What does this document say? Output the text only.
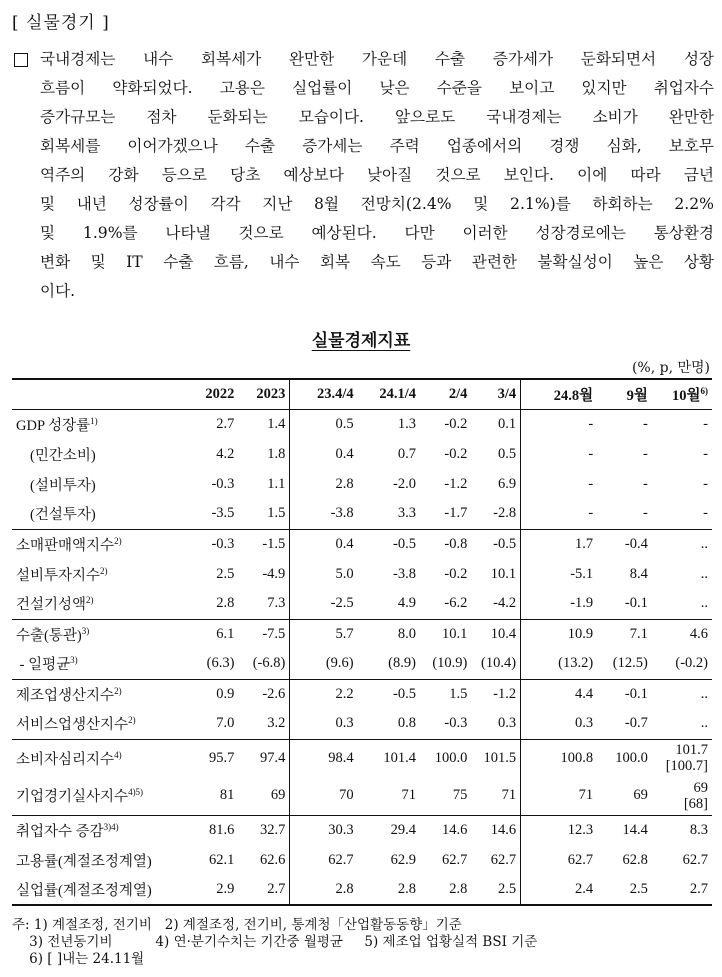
[ 실물경기 ]
국내경제는 내수 회복세가 완만한 가운데 수출 증가세가 둔화되면서 성장
흐름이 약화되었다. 고용은 실업률이 낮은 수준을 보이고 있지만 취업자수
증가규모는 점차 둔화되는 모습이다. 앞으로도 국내경제는 소비가 완만한
회복세를 이어가겠으나 수출 증가세는 주력 업종에서의 경쟁 심화, 보호무
역주의 강화 등으로 당초 예상보다 낮아질 것으로 보인다. 이에 따라 금년
및 내년 성장률이 각각 지난 8월 전망치(2.4% 및 2.1%)를 하회하는 2.2%
및 1.9%를 나타낼 것으로 예상된다. 다만 이러한 성장경로에는 통상환경
변화 및 IT 수출 흐름, 내수 회복 속도 등과 관련한 불확실성이 높은 상황
이다.
실물경제지표
(%, p, 만명)
	2022	2023	23.4/4	24.1/4	2/4	3/4	24.8월	9월	10월$^{6)}$
GDP 성장률$^{1)}$	2.7	1.4	0.5	1.3	-0.2	0.1	-	-	-
(민간소비)	4.2	1.8	0.4	0.7	-0.2	0.5	-	-	-
(설비투자)	-0.3	1.1	2.8	-2.0	-1.2	6.9	-	-	-
(건설투자)	-3.5	1.5	-3.8	3.3	-1.7	-2.8	-	-	-
소매판매액지수$^{2)}$	-0.3	-1.5	0.4	-0.5	-0.8	-0.5	1.7	-0.4	..
설비투자지수$^{2)}$	2.5	-4.9	5.0	-3.8	-0.2	10.1	-5.1	8.4	..
건설기성액$^{2)}$	2.8	7.3	-2.5	4.9	-6.2	-4.2	-1.9	-0.1	..
수출(통관)$^{3)}$	6.1	-7.5	5.7	8.0	10.1	10.4	10.9	7.1	4.6
- 일평균$^{3)}$	(6.3)	(-6.8)	(9.6)	(8.9)	(10.9)	(10.4)	(13.2)	(12.5)	(-0.2)
제조업생산지수$^{2)}$	0.9	-2.6	2.2	-0.5	1.5	-1.2	4.4	-0.1	..
서비스업생산지수$^{2)}$	7.0	3.2	0.3	0.8	-0.3	0.3	0.3	-0.7	..
소비자심리지수$^{4)}$	95.7	97.4	98.4	101.4	100.0	101.5	100.8	100.0	101.7
[100.7]
기업경기실사지수$^{4)5)}$	81	69	70	71	75	71	71	69	69
[68]
취업자수 증감$^{3)4)}$	81.6	32.7	30.3	29.4	14.6	14.6	12.3	14.4	8.3
고용률(계절조정계열)	62.1	62.6	62.7	62.9	62.7	62.7	62.7	62.8	62.7
실업률(계절조정계열)	2.9	2.7	2.8	2.8	2.8	2.5	2.4	2.5	2.7
주: 1) 계절조정, 전기비   2) 계절조정, 전기비, 통계청「산업활동동향」기준
3) 전년동기비          4) 연·분기수치는 기간중 월평균     5) 제조업 업황실적 BSI 기준
6) [ ]내는 24.11월
